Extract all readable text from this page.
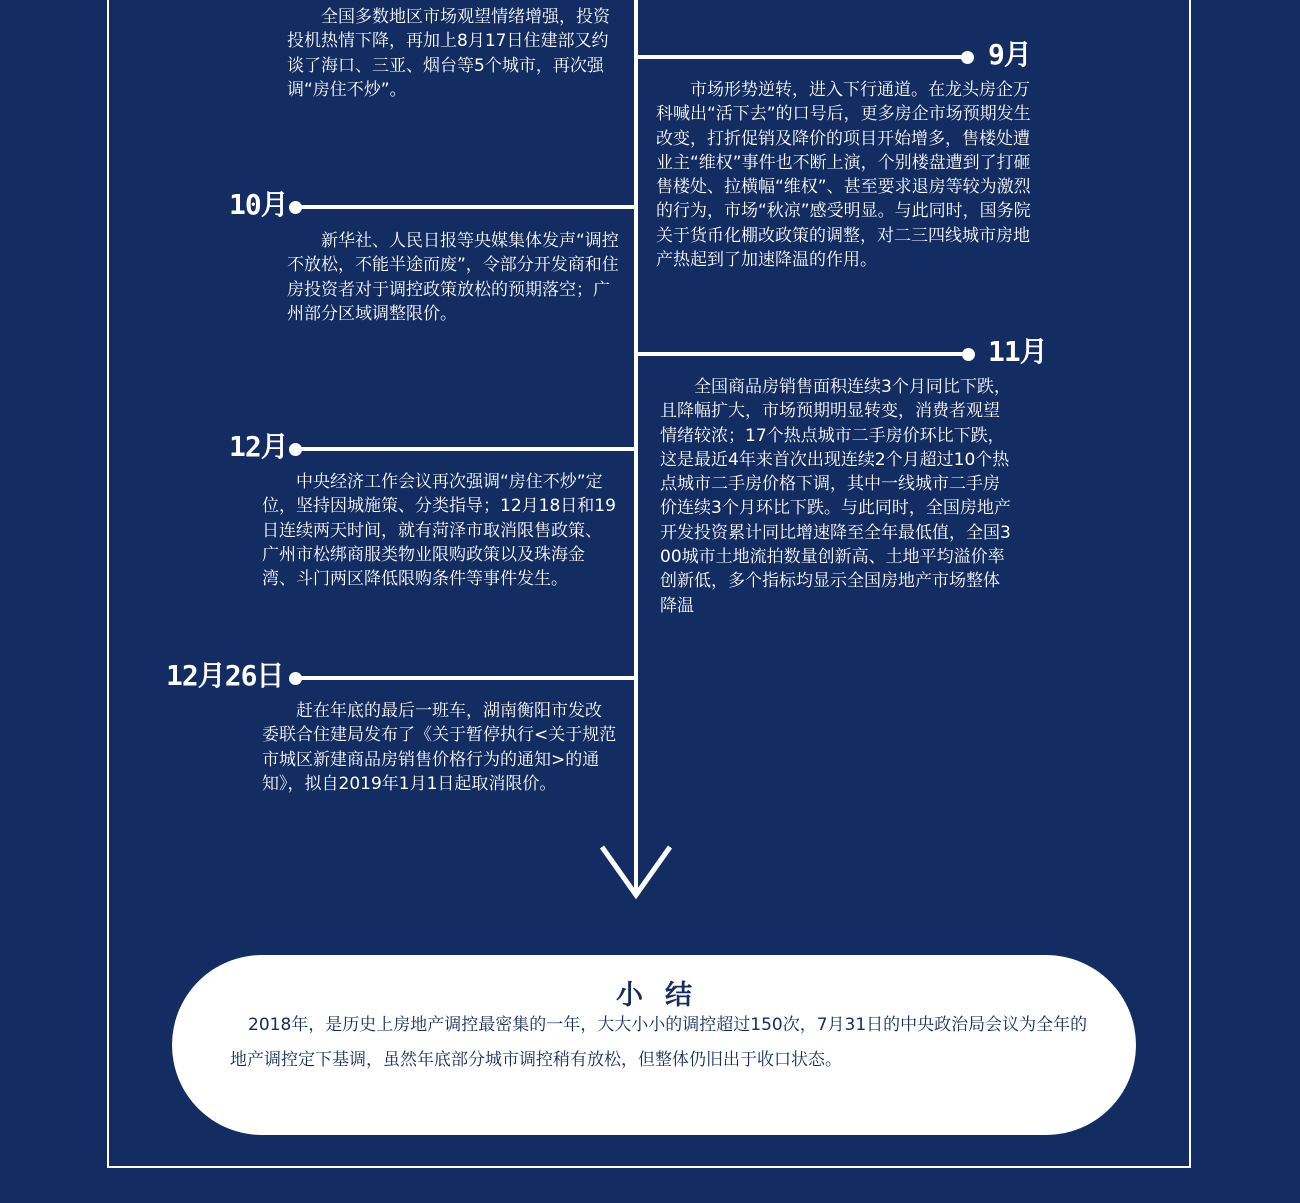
全国多数地区市场观望情绪增强，投资投机热情下降，再加上8月17日住建部又约谈了海口、三亚、烟台等5个城市，再次强调“房住不炒”。
9月
市场形势逆转，进入下行通道。在龙头房企万科喊出“活下去”的口号后，更多房企市场预期发生改变，打折促销及降价的项目开始增多，售楼处遭业主“维权”事件也不断上演，个别楼盘遭到了打砸售楼处、拉横幅“维权”、甚至要求退房等较为激烈的行为，市场“秋凉”感受明显。与此同时，国务院关于货币化棚改政策的调整，对二三四线城市房地产热起到了加速降温的作用。
10月
新华社、人民日报等央媒集体发声“调控不放松，不能半途而废”，令部分开发商和住房投资者对于调控政策放松的预期落空；广州部分区域调整限价。
11月
全国商品房销售面积连续3个月同比下跌，且降幅扩大，市场预期明显转变，消费者观望情绪较浓；17个热点城市二手房价环比下跌，这是最近4年来首次出现连续2个月超过10个热点城市二手房价格下调，其中一线城市二手房价连续3个月环比下跌。与此同时，全国房地产开发投资累计同比增速降至全年最低值，全国300城市土地流拍数量创新高、土地平均溢价率创新低，多个指标均显示全国房地产市场整体降温
12月
中央经济工作会议再次强调“房住不炒”定位，坚持因城施策、分类指导；12月18日和19日连续两天时间，就有菏泽市取消限售政策、广州市松绑商服类物业限购政策以及珠海金湾、斗门两区降低限购条件等事件发生。
12月26日
赶在年底的最后一班车，湖南衡阳市发改委联合住建局发布了《关于暂停执行<关于规范市城区新建商品房销售价格行为的通知>的通知》，拟自2019年1月1日起取消限价。
小结
2018年，是历史上房地产调控最密集的一年，大大小小的调控超过150次，7月31日的中央政治局会议为全年的地产调控定下基调，虽然年底部分城市调控稍有放松，但整体仍旧出于收口状态。
